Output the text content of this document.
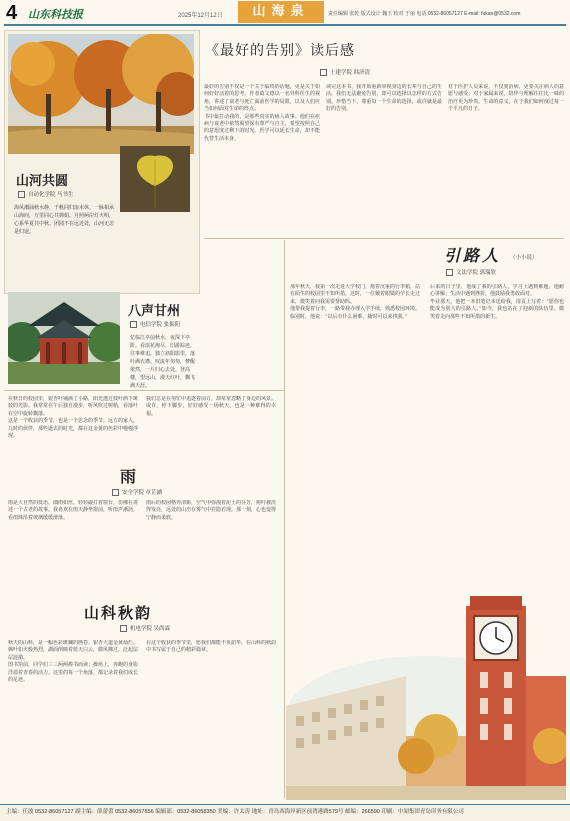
4 山东科技报	2025年12月12日	山海泉	责任编辑 张乾 版式设计 魏玉 校对 于丽 电话 0532-86057127 E-mail: fukan@0532.com
山河共圆
自动化学院 马书生
海风潮涌秋水静，千帆同归浪未休。一脉相承山海间，万里同心共婵娟。月照两岸灯火明，心系华夏共中秋。团圆不在远近处，山河无恙是归途。
八声甘州
电信学院 张振阳
忆临江亭前秋水，夜深下亭阶。看浪花淘尽，旧游踪迹，往事难追。独立斜阳影里，落叶满衣襟。叹流年匆匆，梦醒依然，一片归心去处。登高楼，望远山，漫天红叶，飘飞满天涯。

在秋日的校园里，银杏叶铺满了小路，阳光透过枝叶洒下斑驳的光影。我常常在午后独自漫步，听风吹过树梢，看落叶在空中旋转飘落。

这是一个收获的季节，也是一个思念的季节。远方的家人，儿时的伙伴，那些逝去的时光，都在这金黄的色彩中慢慢浮现。

我们总是在匆忙中追逐着前方，却常常忽略了身边的风景。或许，停下脚步，好好感受一场秋天，也是一种难得的幸福。

雨
安全学院 章芷涵

雨是大自然的低语。细雨如丝，轻轻敲打着窗台，仿佛在讲述一个古老的故事。我喜欢在雨天静坐窗前，听雨声淅沥，看雨珠沿着玻璃缓缓滑落。

雨后的校园格外清新，空气中弥漫着泥土的芬芳，树叶被洗得发亮，远处的山峦在雾气中若隐若现。那一刻，心也变得宁静而柔软。

山科秋韵
机电学院 吴尚霖

秋天的山科，是一幅色彩斑斓的画卷。银杏大道金黄灿烂，枫叶如火般热烈，湖面倒映着蓝天白云，微风拂过，泛起层层涟漪。

图书馆前，同学们三三两两捧书而读；操场上，奔跑的身影洋溢着青春的活力。这里的每一个角落，都记录着我们成长的足迹。

在这个收获的季节里，愿我们都能不负韶华，在山科的秋韵中书写属于自己的精彩篇章。

《最好的告别》读后感
土建学院 韩济清

最好的告别不仅是一个关于临终的话题，更是关于如何好好活着的思考。作者葛文德以一名外科医生的视角，讲述了衰老与死亡面前医学的局限，以及人们应当如何面对生命的终点。

书中最打动我的，是那些真实的病人故事。他们在疾病与衰老中依然渴望保有尊严与自主，希望按照自己的意愿度过剩下的时光。医学可以延长生命，却不能代替生活本身。

读完这本书，我开始重新审视身边的长辈与自己的生活。我们无法避免告别，却可以选择以怎样的方式告别。珍惜当下，尊重每一个生命的选择，或许就是最好的告别。

对于医护人员来说，不仅要治病，更要关注病人的意愿与感受；对于家属来说，陪伴与理解往往比一味的治疗更为珍贵。生命的意义，在于我们如何度过每一个平凡的日子。

引路人 （小小说）
文法学院 郭瑞欣

那年秋天，我第一次走进大学校门，拖着沉重的行李箱，站在陌生的校园里不知所措。这时，一位戴着眼镜的学长走过来，微笑着问我需要帮助吗。

他帮我提着行李，一路带我办理入学手续，熟悉校园环境。临别时，他说：“以后有什么困难，随时可以来找我。”

后来的日子里，他成了我的引路人。学习上遇到难题，他耐心讲解；生活中遇到挫折，他鼓励我勇敢面对。

毕业那天，他把一本旧笔记本送给我，扉页上写着：“愿你也能成为别人的引路人。”如今，我也站在了迎新的队伍里，微笑着走向那些不知所措的新生。

主编：任波 0532-86057127 副主编：薛蕾蕾 0532-86057656 编辑部：0532-86058350 美编：许太涛 地址：青岛西海岸新区前湾港路579号 邮编：266590 印刷：中闻集团青岛印务有限公司
